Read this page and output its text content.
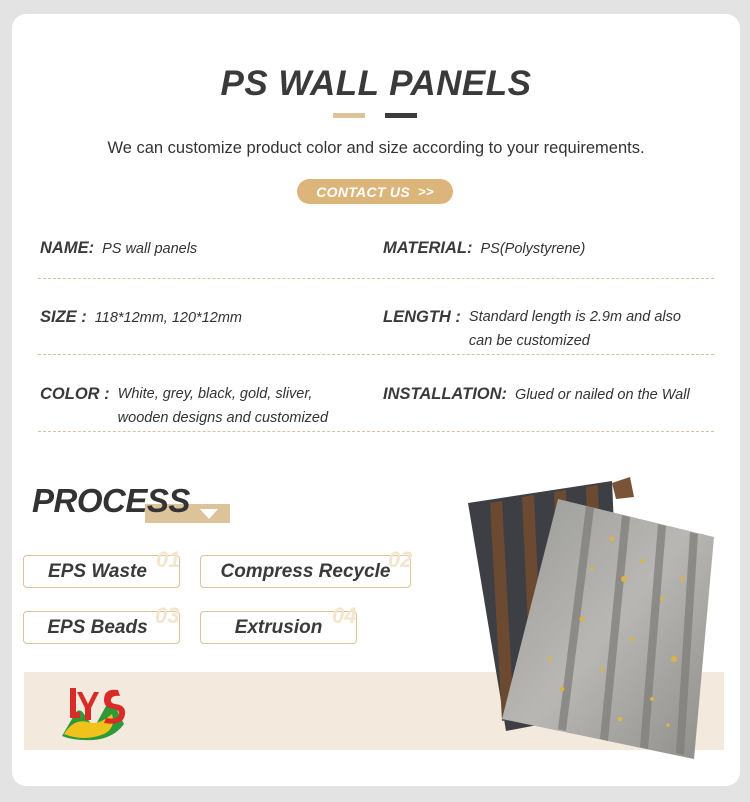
PS WALL PANELS
We can customize product color and size according to your requirements.
CONTACT US >>
NAME: PS wall panels	MATERIAL: PS(Polystyrene)
SIZE : 118*12mm, 120*12mm	LENGTH : Standard length is 2.9m and also
can be customized
COLOR : White, grey, black, gold, sliver,
wooden designs and customized
INSTALLATION: Glued or nailed on the Wall
PROCESS
01
EPS Waste	02
Compress Recycle
03
EPS Beads	04
Extrusion
